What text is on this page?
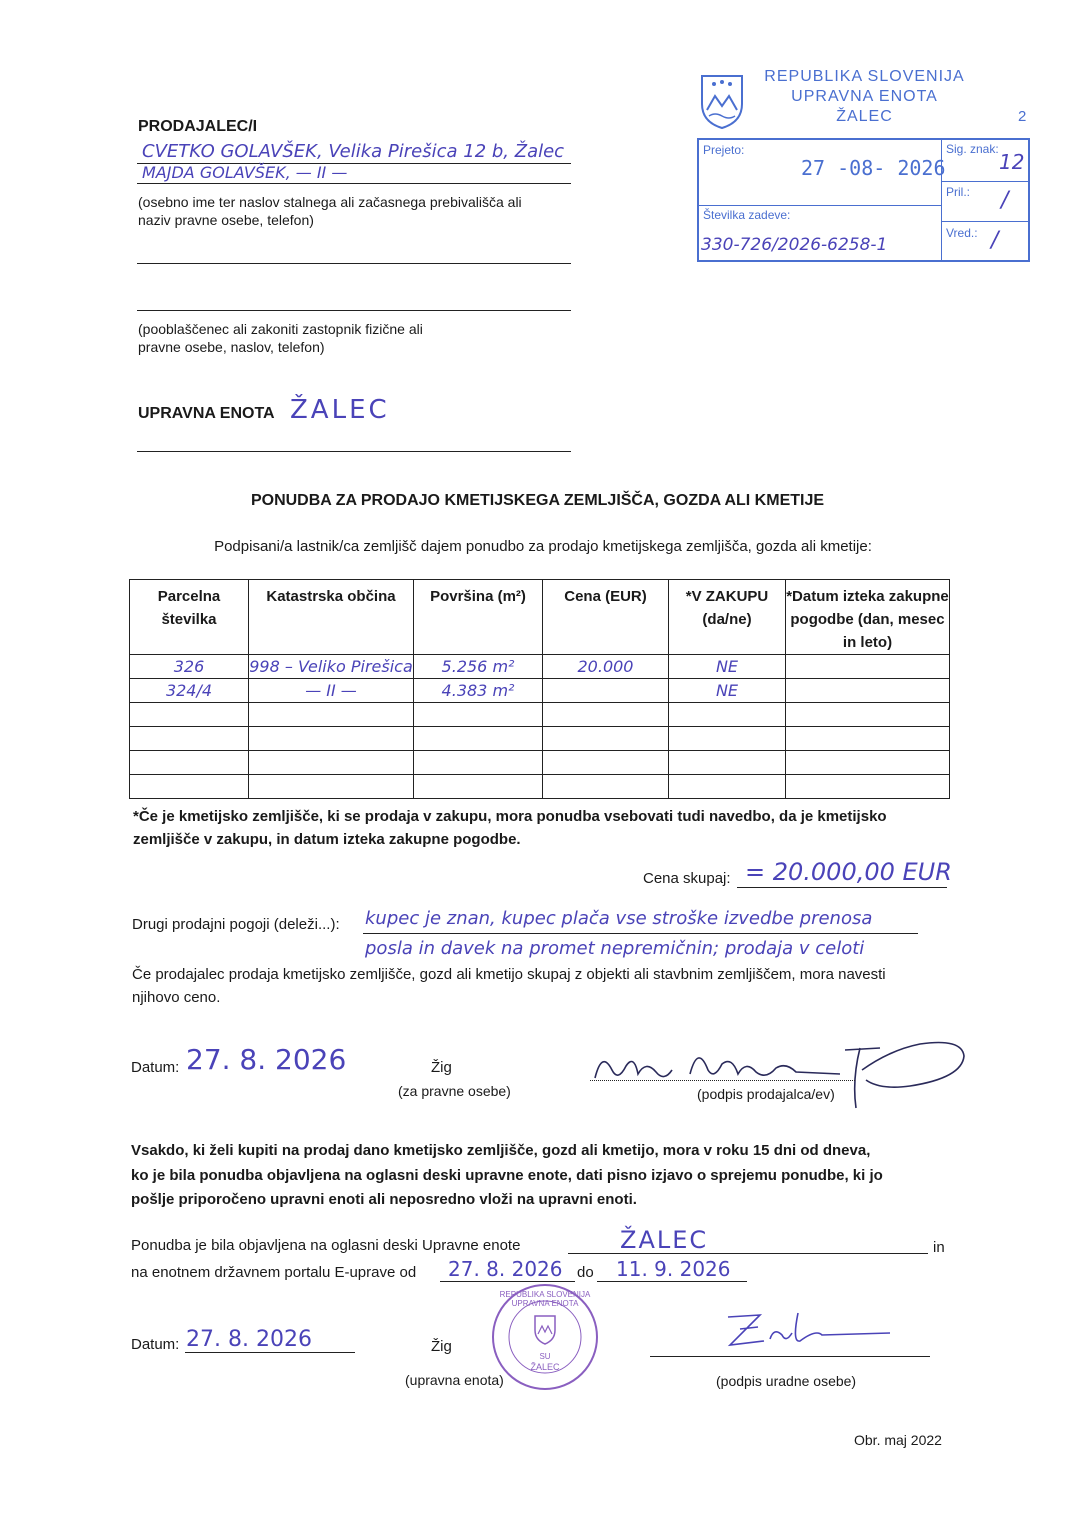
PRODAJALEC/I
CVETKO GOLAVŠEK, Velika Pirešica 12 b, Žalec
MAJDA GOLAVŠEK, — II —
(osebno ime ter naslov stalnega ali začasnega prebivališča ali
naziv pravne osebe, telefon)
(pooblaščenec ali zakoniti zastopnik fizične ali
pravne osebe, naslov, telefon)
UPRAVNA ENOTA ŽALEC
REPUBLIKA SLOVENIJA
UPRAVNA ENOTA
ŽALEC	2
Prejeto:
27 -08- 2026
Sig. znak:
12
Pril.: /
Številka zadeve:
330-726/2026-6258-1
Vred.: /
PONUDBA ZA PRODAJO KMETIJSKEGA ZEMLJIŠČA, GOZDA ALI KMETIJE
Podpisani/a lastnik/ca zemljišč dajem ponudbo za prodajo kmetijskega zemljišča, gozda ali kmetije:
Parcelna številka	Katastrska občina	Površina (m²)	Cena (EUR)	*V ZAKUPU (da/ne)	*Datum izteka zakupne pogodbe (dan, mesec in leto)
326	998 – Veliko Pirešica	5.256 m²	20.000	NE	
324/4	— II —	4.383 m²		NE	

*Če je kmetijsko zemljišče, ki se prodaja v zakupu, mora ponudba vsebovati tudi navedbo, da je kmetijsko
zemljišče v zakupu, in datum izteka zakupne pogodbe.
Cena skupaj: = 20.000,00 EUR
Drugi prodajni pogoji (deleži...): kupec je znan, kupec plača vse stroške izvedbe prenosa
posla in davek na promet nepremičnin; prodaja v celoti
Če prodajalec prodaja kmetijsko zemljišče, gozd ali kmetijo skupaj z objekti ali stavbnim zemljiščem, mora navesti
njihovo ceno.
Datum: 27. 8. 2026	Žig
(za pravne osebe)	(podpis prodajalca/ev)
Vsakdo, ki želi kupiti na prodaj dano kmetijsko zemljišče, gozd ali kmetijo, mora v roku 15 dni od dneva,
ko je bila ponudba objavljena na oglasni deski upravne enote, dati pisno izjavo o sprejemu ponudbe, ki jo
pošlje priporočeno upravni enoti ali neposredno vloži na upravni enoti.
Ponudba je bila objavljena na oglasni deski Upravne enote	ŽALEC	in
na enotnem državnem portalu E-uprave od 27. 8. 2026 do 11. 9. 2026
Datum: 27. 8. 2026	Žig
(upravna enota)
REPUBLIKA SLOVENIJA UPRAVNA ENOTA
SU
ŽALEC
(podpis uradne osebe)
Obr. maj 2022
